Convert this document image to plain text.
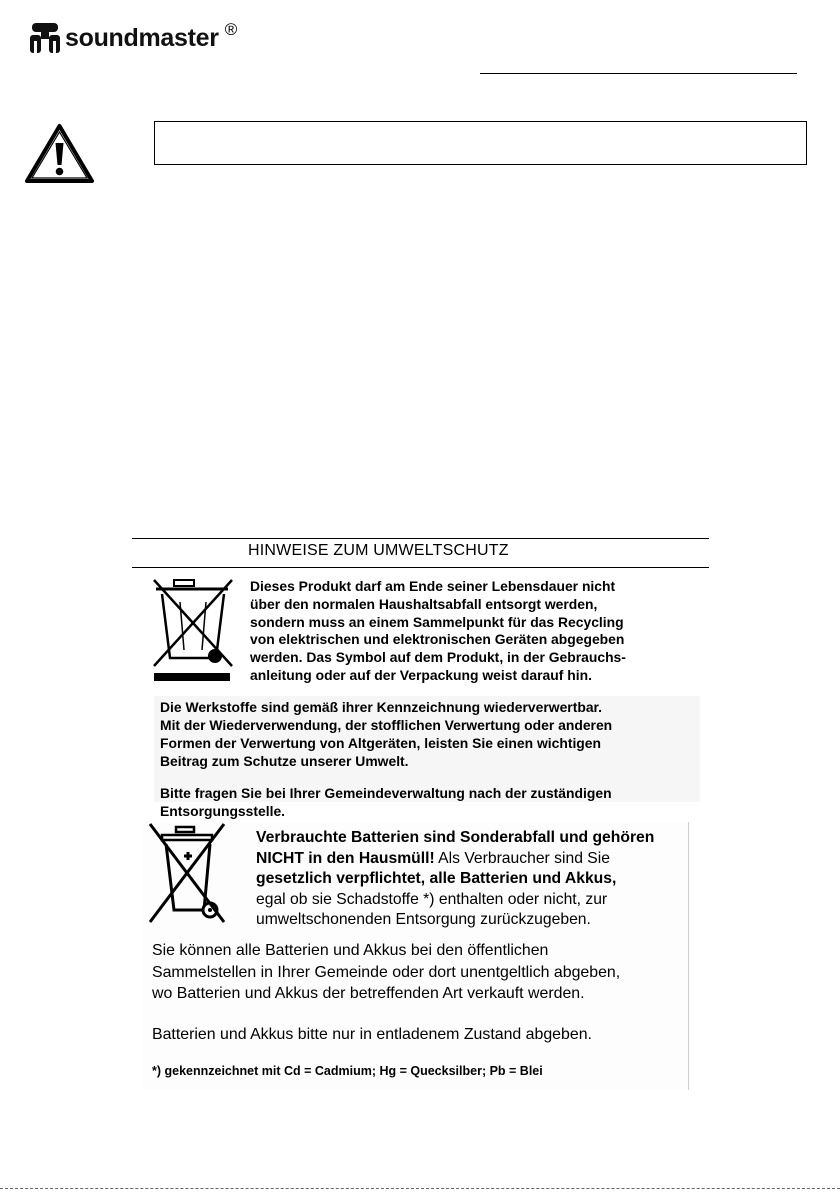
soundmaster ®
HINWEISE ZUM UMWELTSCHUTZ
Dieses Produkt darf am Ende seiner Lebensdauer nicht
über den normalen Haushaltsabfall entsorgt werden,
sondern muss an einem Sammelpunkt für das Recycling
von elektrischen und elektronischen Geräten abgegeben
werden. Das Symbol auf dem Produkt, in der Gebrauchs-
anleitung oder auf der Verpackung weist darauf hin.
Die Werkstoffe sind gemäß ihrer Kennzeichnung wiederverwertbar.
Mit der Wiederverwendung, der stofflichen Verwertung oder anderen
Formen der Verwertung von Altgeräten, leisten Sie einen wichtigen
Beitrag zum Schutze unserer Umwelt.
Bitte fragen Sie bei Ihrer Gemeindeverwaltung nach der zuständigen
Entsorgungsstelle.
Verbrauchte Batterien sind Sonderabfall und gehören
NICHT in den Hausmüll! Als Verbraucher sind Sie
gesetzlich verpflichtet, alle Batterien und Akkus,
egal ob sie Schadstoffe *) enthalten oder nicht, zur
umweltschonenden Entsorgung zurückzugeben.
Sie können alle Batterien und Akkus bei den öffentlichen
Sammelstellen in Ihrer Gemeinde oder dort unentgeltlich abgeben,
wo Batterien und Akkus der betreffenden Art verkauft werden.
Batterien und Akkus bitte nur in entladenem Zustand abgeben.
*) gekennzeichnet mit Cd = Cadmium; Hg = Quecksilber; Pb = Blei
